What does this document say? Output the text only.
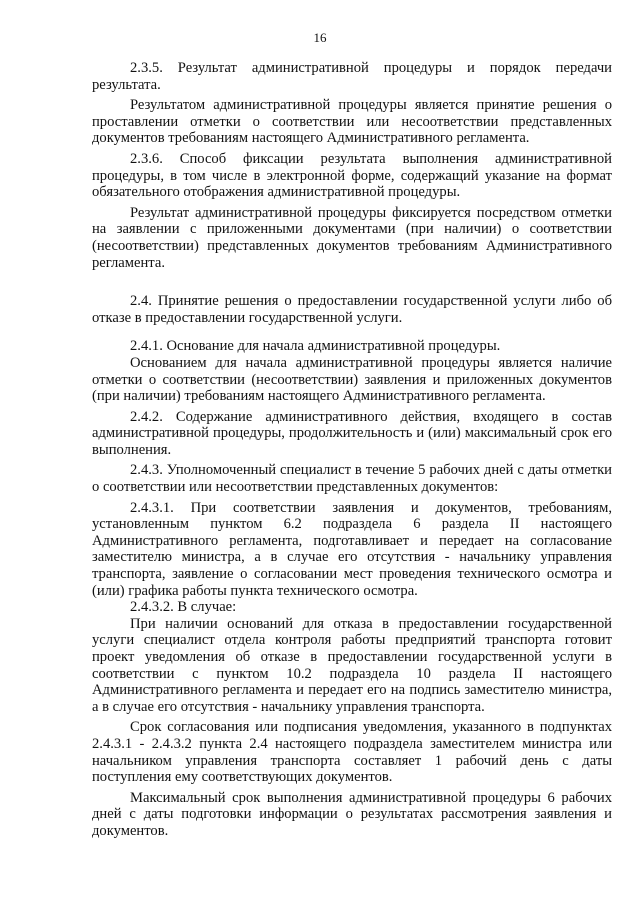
16

2.3.5. Результат административной процедуры и порядок передачи результата.

Результатом административной процедуры является принятие решения о проставлении отметки о соответствии или несоответствии представленных документов требованиям настоящего Административного регламента.

2.3.6. Способ фиксации результата выполнения административной процедуры, в том числе в электронной форме, содержащий указание на формат обязательного отображения административной процедуры.

Результат административной процедуры фиксируется посредством отметки на заявлении с приложенными документами (при наличии) о соответствии (несоответствии) представленных документов требованиям Административного регламента.

2.4. Принятие решения о предоставлении государственной услуги либо об отказе в предоставлении государственной услуги.

2.4.1. Основание для начала административной процедуры.

Основанием для начала административной процедуры является наличие отметки о соответствии (несоответствии) заявления и приложенных документов (при наличии) требованиям настоящего Административного регламента.

2.4.2. Содержание административного действия, входящего в состав административной процедуры, продолжительность и (или) максимальный срок его выполнения.

2.4.3. Уполномоченный специалист в течение 5 рабочих дней с даты отметки о соответствии или несоответствии представленных документов:

2.4.3.1. При соответствии заявления и документов, требованиям, установленным пунктом 6.2 подраздела 6 раздела II настоящего Административного регламента, подготавливает и передает на согласование заместителю министра, а в случае его отсутствия - начальнику управления транспорта, заявление о согласовании мест проведения технического осмотра и (или) графика работы пункта технического осмотра.

2.4.3.2. В случае:

При наличии оснований для отказа в предоставлении государственной услуги специалист отдела контроля работы предприятий транспорта готовит проект уведомления об отказе в предоставлении государственной услуги в соответствии с пунктом 10.2 подраздела 10 раздела II настоящего Административного регламента и передает его на подпись заместителю министра, а в случае его отсутствия - начальнику управления транспорта.

Срок согласования или подписания уведомления, указанного в подпунктах 2.4.3.1 - 2.4.3.2 пункта 2.4 настоящего подраздела заместителем министра или начальником управления транспорта составляет 1 рабочий день с даты поступления ему соответствующих документов.

Максимальный срок выполнения административной процедуры 6 рабочих дней с даты подготовки информации о результатах рассмотрения заявления и документов.
